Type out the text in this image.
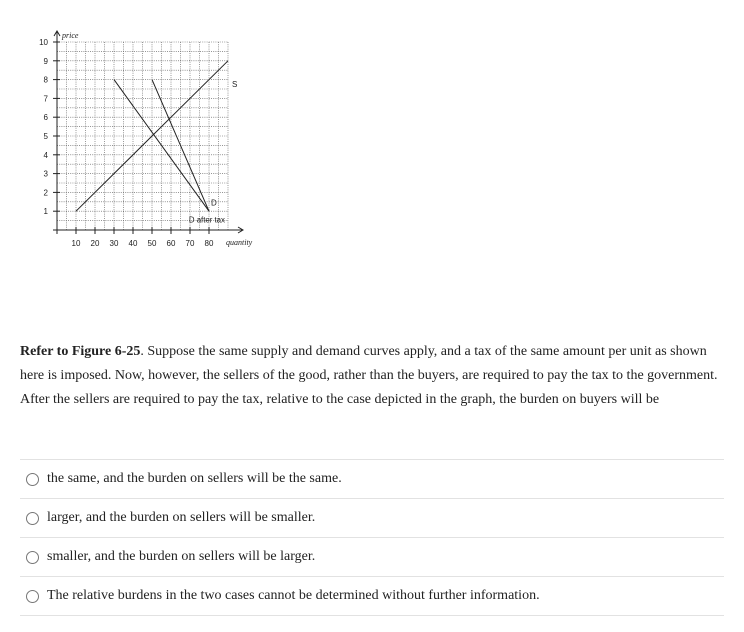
10 20 30 40 50 60 70 80
1
2
3
4
5
6
7
8
9
10
price
quantity
S
D
D after tax

Refer to Figure 6-25. Suppose the same supply and demand curves apply, and a tax of the same amount per unit as shown here is imposed. Now, however, the sellers of the good, rather than the buyers, are required to pay the tax to the government. After the sellers are required to pay the tax, relative to the case depicted in the graph, the burden on buyers will be

the same, and the burden on sellers will be the same.
larger, and the burden on sellers will be smaller.
smaller, and the burden on sellers will be larger.
The relative burdens in the two cases cannot be determined without further information.
